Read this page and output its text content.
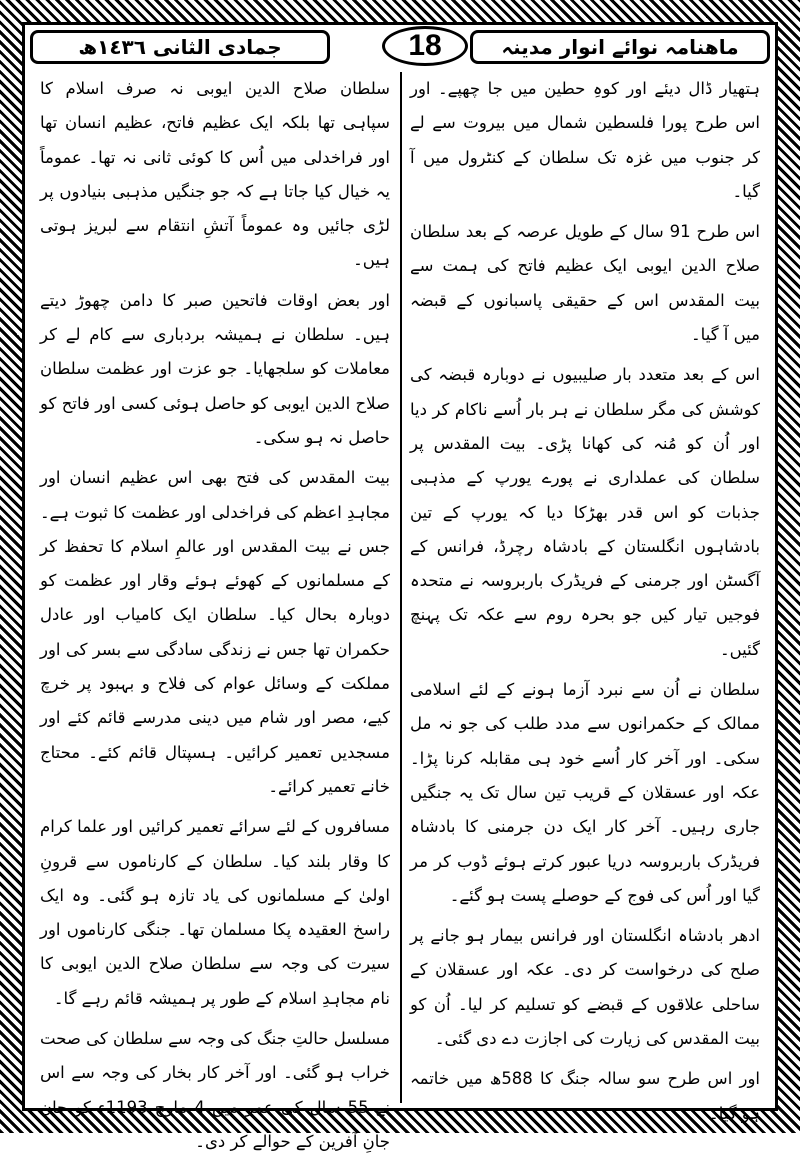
ماھنامہ نوائے انوار مدینہ
18
جمادی الثانی ١٤٣٦ھ

ہتھیار ڈال دیئے اور کوہِ حطین میں جا چھپے۔ اور اس طرح پورا فلسطین شمال میں بیروت سے لے کر جنوب میں غزہ تک سلطان کے کنٹرول میں آ گیا۔

اس طرح 91 سال کے طویل عرصہ کے بعد سلطان صلاح الدین ایوبی ایک عظیم فاتح کی ہمت سے بیت المقدس اس کے حقیقی پاسبانوں کے قبضہ میں آ گیا۔

اس کے بعد متعدد بار صلیبیوں نے دوبارہ قبضہ کی کوشش کی مگر سلطان نے ہر بار اُسے ناکام کر دیا اور اُن کو مُنہ کی کھانا پڑی۔ بیت المقدس پر سلطان کی عملداری نے پورے یورپ کے مذہبی جذبات کو اس قدر بھڑکا دیا کہ یورپ کے تین بادشاہوں انگلستان کے بادشاہ رچرڈ، فرانس کے آگسٹن اور جرمنی کے فریڈرک باربروسہ نے متحدہ فوجیں تیار کیں جو بحرہ روم سے عکہ تک پہنچ گئیں۔

سلطان نے اُن سے نبرد آزما ہونے کے لئے اسلامی ممالک کے حکمرانوں سے مدد طلب کی جو نہ مل سکی۔ اور آخر کار اُسے خود ہی مقابلہ کرنا پڑا۔ عکہ اور عسقلان کے قریب تین سال تک یہ جنگیں جاری رہیں۔ آخر کار ایک دن جرمنی کا بادشاہ فریڈرک باربروسہ دریا عبور کرتے ہوئے ڈوب کر مر گیا اور اُس کی فوج کے حوصلے پست ہو گئے۔

ادھر بادشاہ انگلستان اور فرانس بیمار ہو جانے پر صلح کی درخواست کر دی۔ عکہ اور عسقلان کے ساحلی علاقوں کے قبضے کو تسلیم کر لیا۔ اُن کو بیت المقدس کی زیارت کی اجازت دے دی گئی۔

اور اس طرح سو سالہ جنگ کا 588ھ میں خاتمہ ہو گیا۔

سلطان صلاح الدین ایوبی نہ صرف اسلام کا سپاہی تھا بلکہ ایک عظیم فاتح، عظیم انسان تھا اور فراخدلی میں اُس کا کوئی ثانی نہ تھا۔ عموماً یہ خیال کیا جاتا ہے کہ جو جنگیں مذہبی بنیادوں پر لڑی جائیں وہ عموماً آتشِ انتقام سے لبریز ہوتی ہیں۔

اور بعض اوقات فاتحین صبر کا دامن چھوڑ دیتے ہیں۔ سلطان نے ہمیشہ بردباری سے کام لے کر معاملات کو سلجھایا۔ جو عزت اور عظمت سلطان صلاح الدین ایوبی کو حاصل ہوئی کسی اور فاتح کو حاصل نہ ہو سکی۔

بیت المقدس کی فتح بھی اس عظیم انسان اور مجاہدِ اعظم کی فراخدلی اور عظمت کا ثبوت ہے۔ جس نے بیت المقدس اور عالمِ اسلام کا تحفظ کر کے مسلمانوں کے کھوئے ہوئے وقار اور عظمت کو دوبارہ بحال کیا۔ سلطان ایک کامیاب اور عادل حکمران تھا جس نے زندگی سادگی سے بسر کی اور مملکت کے وسائل عوام کی فلاح و بہبود پر خرچ کیے، مصر اور شام میں دینی مدرسے قائم کئے اور مسجدیں تعمیر کرائیں۔ ہسپتال قائم کئے۔ محتاج خانے تعمیر کرائے۔

مسافروں کے لئے سرائے تعمیر کرائیں اور علما کرام کا وقار بلند کیا۔ سلطان کے کارناموں سے قرونِ اولیٰ کے مسلمانوں کی یاد تازہ ہو گئی۔ وہ ایک راسخ العقیدہ پکا مسلمان تھا۔ جنگی کارناموں اور سیرت کی وجہ سے سلطان صلاح الدین ایوبی کا نام مجاہدِ اسلام کے طور پر ہمیشہ قائم رہے گا۔

مسلسل حالتِ جنگ کی وجہ سے سلطان کی صحت خراب ہو گئی۔ اور آخر کار بخار کی وجہ سے اس نے 55 سال کی عمر میں 4 مارچ 1193ء کو جان جانِ آفرین کے حوالے کر دی۔
